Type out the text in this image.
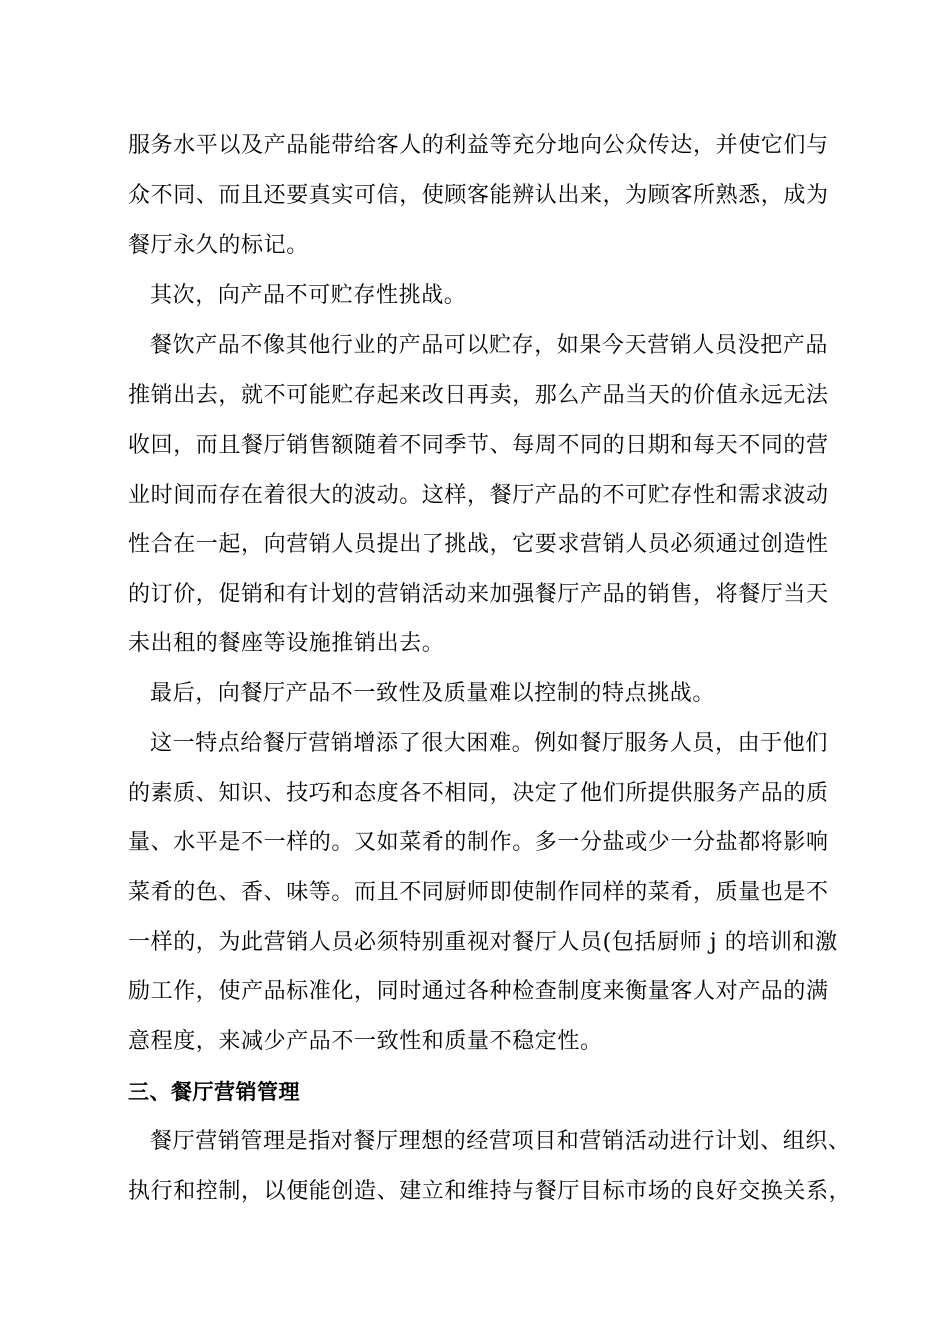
服务水平以及产品能带给客人的利益等充分地向公众传达，并使它们与
众不同、而且还要真实可信，使顾客能辨认出来，为顾客所熟悉，成为
餐厅永久的标记。
其次，向产品不可贮存性挑战。
餐饮产品不像其他行业的产品可以贮存，如果今天营销人员没把产品
推销出去，就不可能贮存起来改日再卖，那么产品当天的价值永远无法
收回，而且餐厅销售额随着不同季节、每周不同的日期和每天不同的营
业时间而存在着很大的波动。这样，餐厅产品的不可贮存性和需求波动
性合在一起，向营销人员提出了挑战，它要求营销人员必须通过创造性
的订价，促销和有计划的营销活动来加强餐厅产品的销售，将餐厅当天
未出租的餐座等设施推销出去。
最后，向餐厅产品不一致性及质量难以控制的特点挑战。
这一特点给餐厅营销增添了很大困难。例如餐厅服务人员，由于他们
的素质、知识、技巧和态度各不相同，决定了他们所提供服务产品的质
量、水平是不一样的。又如菜肴的制作。多一分盐或少一分盐都将影响
菜肴的色、香、味等。而且不同厨师即使制作同样的菜肴，质量也是不
一样的，为此营销人员必须特别重视对餐厅人员(包括厨师 j 的培训和激
励工作，使产品标准化，同时通过各种检查制度来衡量客人对产品的满
意程度，来减少产品不一致性和质量不稳定性。
三、餐厅营销管理
餐厅营销管理是指对餐厅理想的经营项目和营销活动进行计划、组织、
执行和控制，以便能创造、建立和维持与餐厅目标市场的良好交换关系，
